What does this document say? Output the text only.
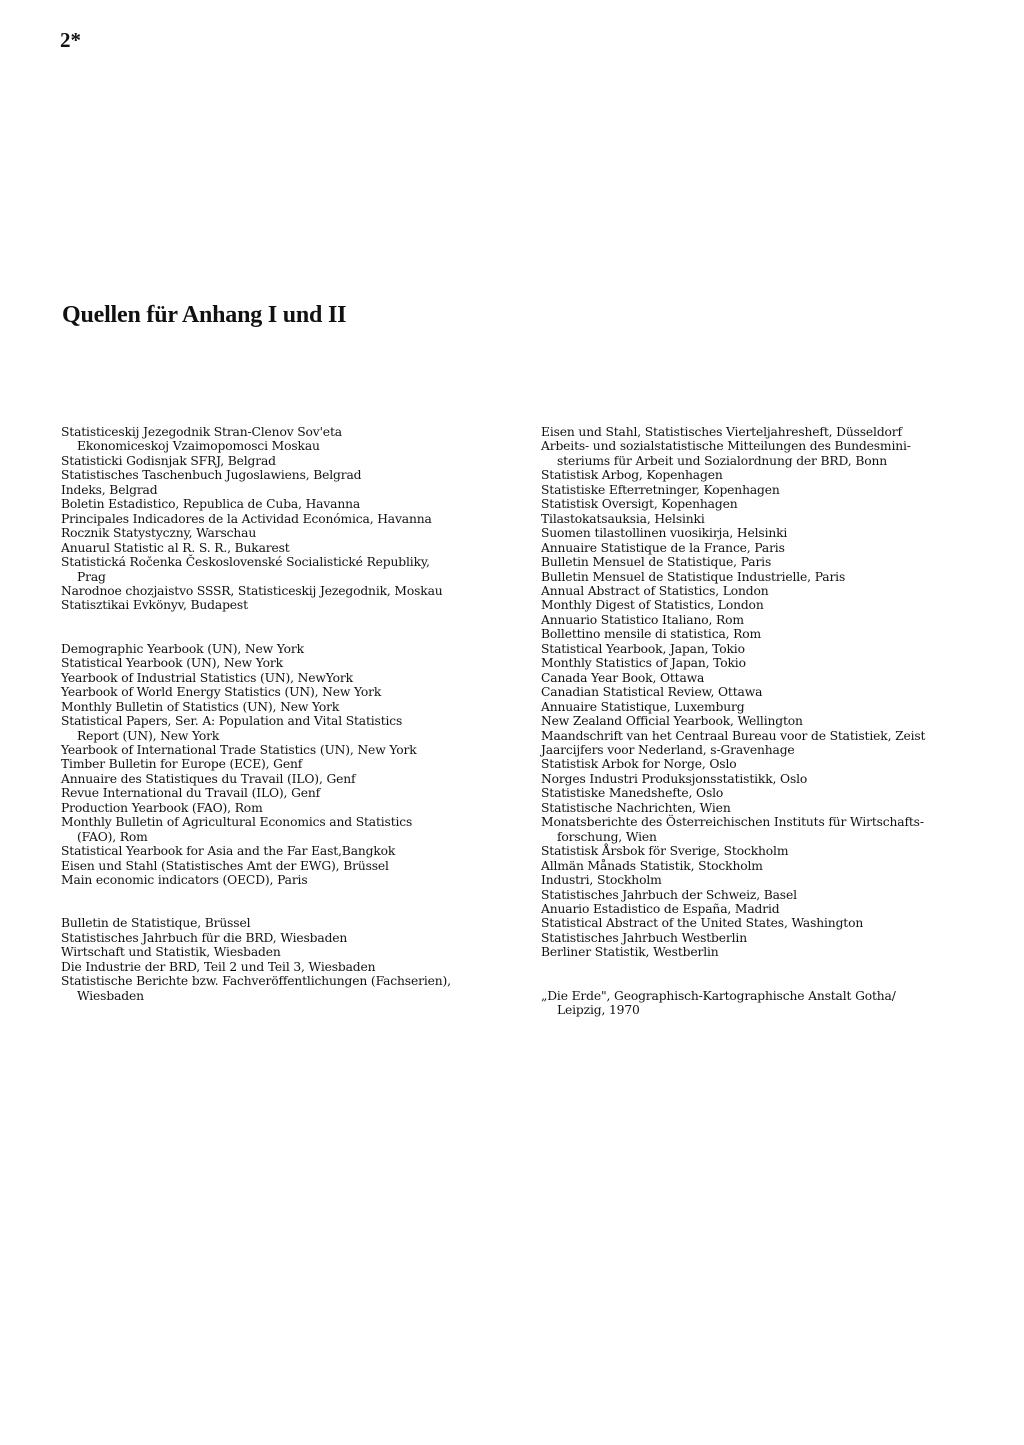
2*
Quellen für Anhang I und II
Statisticeskij Jezegodnik Stran-Clenov Sov'eta
Ekonomiceskoj Vzaimopomosci Moskau
Statisticki Godisnjak SFRJ, Belgrad
Statistisches Taschenbuch Jugoslawiens, Belgrad
Indeks, Belgrad
Boletin Estadistico, Republica de Cuba, Havanna
Principales Indicadores de la Actividad Económica, Havanna
Rocznik Statystyczny, Warschau
Anuarul Statistic al R. S. R., Bukarest
Statistická Ročenka Československé Socialistické Republiky,
Prag
Narodnoe chozjaistvo SSSR, Statisticeskij Jezegodnik, Moskau
Statisztikai Evkönyv, Budapest
Demographic Yearbook (UN), New York
Statistical Yearbook (UN), New York
Yearbook of Industrial Statistics (UN), NewYork
Yearbook of World Energy Statistics (UN), New York
Monthly Bulletin of Statistics (UN), New York
Statistical Papers, Ser. A: Population and Vital Statistics
Report (UN), New York
Yearbook of International Trade Statistics (UN), New York
Timber Bulletin for Europe (ECE), Genf
Annuaire des Statistiques du Travail (ILO), Genf
Revue International du Travail (ILO), Genf
Production Yearbook (FAO), Rom
Monthly Bulletin of Agricultural Economics and Statistics
(FAO), Rom
Statistical Yearbook for Asia and the Far East,Bangkok
Eisen und Stahl (Statistisches Amt der EWG), Brüssel
Main economic indicators (OECD), Paris
Bulletin de Statistique, Brüssel
Statistisches Jahrbuch für die BRD, Wiesbaden
Wirtschaft und Statistik, Wiesbaden
Die Industrie der BRD, Teil 2 und Teil 3, Wiesbaden
Statistische Berichte bzw. Fachveröffentlichungen (Fachserien),
Wiesbaden
Eisen und Stahl, Statistisches Vierteljahresheft, Düsseldorf
Arbeits- und sozialstatistische Mitteilungen des Bundesmini-
steriums für Arbeit und Sozialordnung der BRD, Bonn
Statistisk Arbog, Kopenhagen
Statistiske Efterretninger, Kopenhagen
Statistisk Oversigt, Kopenhagen
Tilastokatsauksia, Helsinki
Suomen tilastollinen vuosikirja, Helsinki
Annuaire Statistique de la France, Paris
Bulletin Mensuel de Statistique, Paris
Bulletin Mensuel de Statistique Industrielle, Paris
Annual Abstract of Statistics, London
Monthly Digest of Statistics, London
Annuario Statistico Italiano, Rom
Bollettino mensile di statistica, Rom
Statistical Yearbook, Japan, Tokio
Monthly Statistics of Japan, Tokio
Canada Year Book, Ottawa
Canadian Statistical Review, Ottawa
Annuaire Statistique, Luxemburg
New Zealand Official Yearbook, Wellington
Maandschrift van het Centraal Bureau voor de Statistiek, Zeist
Jaarcijfers voor Nederland, s-Gravenhage
Statistisk Arbok for Norge, Oslo
Norges Industri Produksjonsstatistikk, Oslo
Statistiske Manedshefte, Oslo
Statistische Nachrichten, Wien
Monatsberichte des Österreichischen Instituts für Wirtschafts-
forschung, Wien
Statistisk Årsbok för Sverige, Stockholm
Allmän Månads Statistik, Stockholm
Industri, Stockholm
Statistisches Jahrbuch der Schweiz, Basel
Anuario Estadistico de España, Madrid
Statistical Abstract of the United States, Washington
Statistisches Jahrbuch Westberlin
Berliner Statistik, Westberlin
„Die Erde", Geographisch-Kartographische Anstalt Gotha/
Leipzig, 1970
